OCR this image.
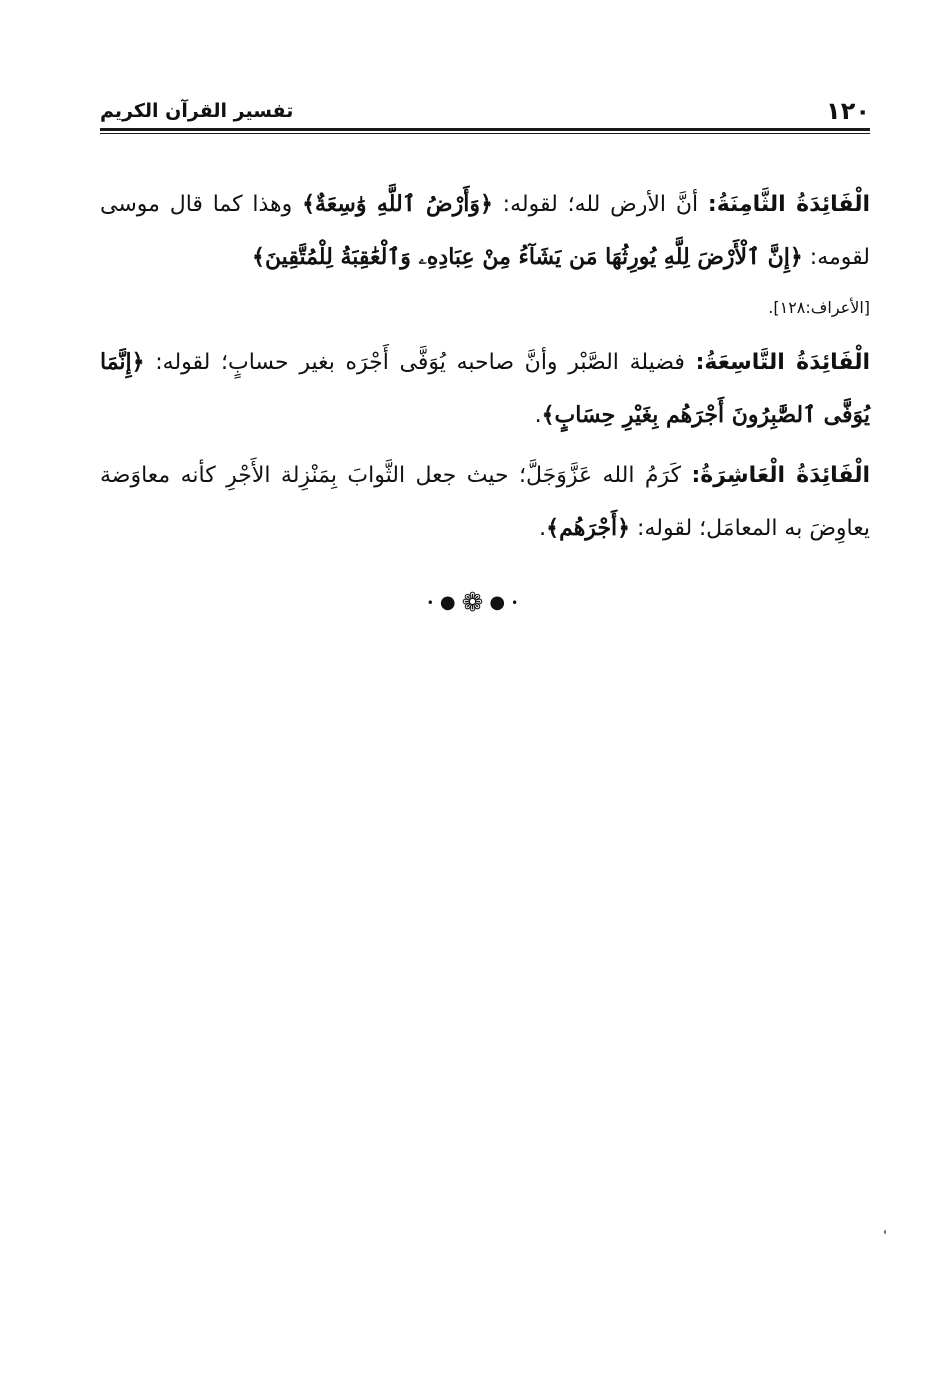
١٢٠
تفسير القرآن الكريم

الْفَائِدَةُ الثَّامِنَةُ: أنَّ الأرض لله؛ لقوله: ﴿وَأَرْضُ ٱللَّهِ وَٰسِعَةٌ﴾ وهذا كما قال موسى لقومه: ﴿إِنَّ ٱلْأَرْضَ لِلَّهِ يُورِثُهَا مَن يَشَآءُ مِنْ عِبَادِهِۦ وَٱلْعَٰقِبَةُ لِلْمُتَّقِينَ﴾
[الأعراف:١٢٨].

الْفَائِدَةُ التَّاسِعَةُ: فضيلة الصَّبْر وأنَّ صاحبه يُوَفَّى أَجْرَه بغير حسابٍ؛ لقوله: ﴿إِنَّمَا يُوَفَّى ٱلصَّٰبِرُونَ أَجْرَهُم بِغَيْرِ حِسَابٍ﴾.

الْفَائِدَةُ الْعَاشِرَةُ: كَرَمُ الله عَزَّوَجَلَّ؛ حيث جعل الثَّوابَ بِمَنْزِلة الأَجْرِ كأنه معاوَضة يعاوِضَ به المعامَل؛ لقوله: ﴿أَجْرَهُم﴾.

•●❁●•
